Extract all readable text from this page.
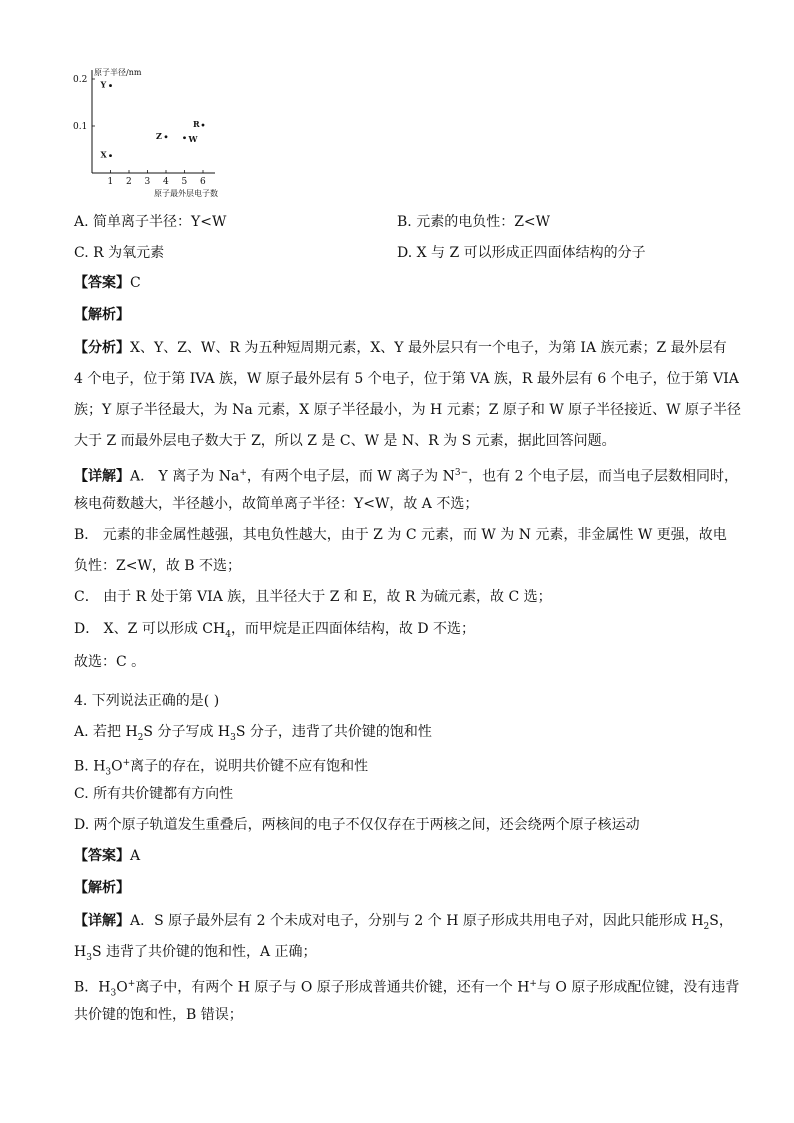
原子半径/nm
原子最外层电子数
1 2 3 4 5 6
0.2
0.1
Y
X
Z	W
R
A. 简单离子半径：Y<W	B. 元素的电负性：Z<W
C. R 为氧元素	D. X 与 Z 可以形成正四面体结构的分子
【答案】C
【解析】
【分析】X、Y、Z、W、R 为五种短周期元素，X、Y 最外层只有一个电子，为第 IA 族元素；Z 最外层有
4 个电子，位于第 IVA 族，W 原子最外层有 5 个电子，位于第 VA 族，R 最外层有 6 个电子，位于第 VIA
族；Y 原子半径最大，为 Na 元素，X 原子半径最小，为 H 元素；Z 原子和 W 原子半径接近、W 原子半径
大于 Z 而最外层电子数大于 Z，所以 Z 是 C、W 是 N、R 为 S 元素，据此回答问题。
【详解】A． Y 离子为 Na+，有两个电子层，而 W 离子为 $N^{3-}$，也有 2 个电子层，而当电子层数相同时，
核电荷数越大，半径越小，故简单离子半径：Y<W，故 A 不选；
B． 元素的非金属性越强，其电负性越大，由于 Z 为 C 元素，而 W 为 N 元素，非金属性 W 更强，故电
负性：Z<W，故 B 不选；
C． 由于 R 处于第 VIA 族，且半径大于 Z 和 E，故 R 为硫元素，故 C 选；
D． X、Z 可以形成 $CH_4$，而甲烷是正四面体结构，故 D 不选；
故选：C 。
4. 下列说法正确的是( )
A. 若把 $H_2S$ 分子写成 $H_3S$ 分子，违背了共价键的饱和性
B. $H_3O^+$离子的存在，说明共价键不应有饱和性
C. 所有共价键都有方向性
D. 两个原子轨道发生重叠后，两核间的电子不仅仅存在于两核之间，还会绕两个原子核运动
【答案】A
【解析】
【详解】A．S 原子最外层有 2 个未成对电子，分别与 2 个 H 原子形成共用电子对，因此只能形成 $H_2S$，
$H_3S$ 违背了共价键的饱和性，A 正确；
B．$H_3O^+$离子中，有两个 H 原子与 O 原子形成普通共价键，还有一个 H+与 O 原子形成配位键，没有违背
共价键的饱和性，B 错误；
